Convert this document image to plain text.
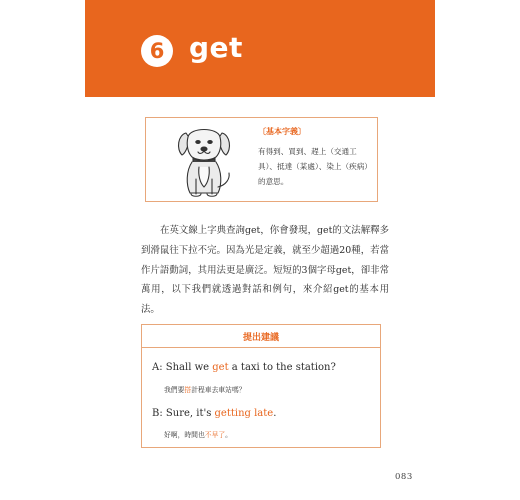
6 get
〔基本字義〕
有得到、買到、趕上（交通工具）、抵達（某處）、染上（疾病）的意思。
在英文線上字典查詢get，你會發現，get的文法解釋多到滑鼠往下拉不完。因為光是定義，就至少超過20種，若當作片語動詞，其用法更是廣泛。短短的3個字母get，卻非常萬用，以下我們就透過對話和例句，來介紹get的基本用法。
提出建議
A: Shall we get a taxi to the station?
我們要搭計程車去車站嗎？
B: Sure, it's getting late.
好啊，時間也不早了。
083
